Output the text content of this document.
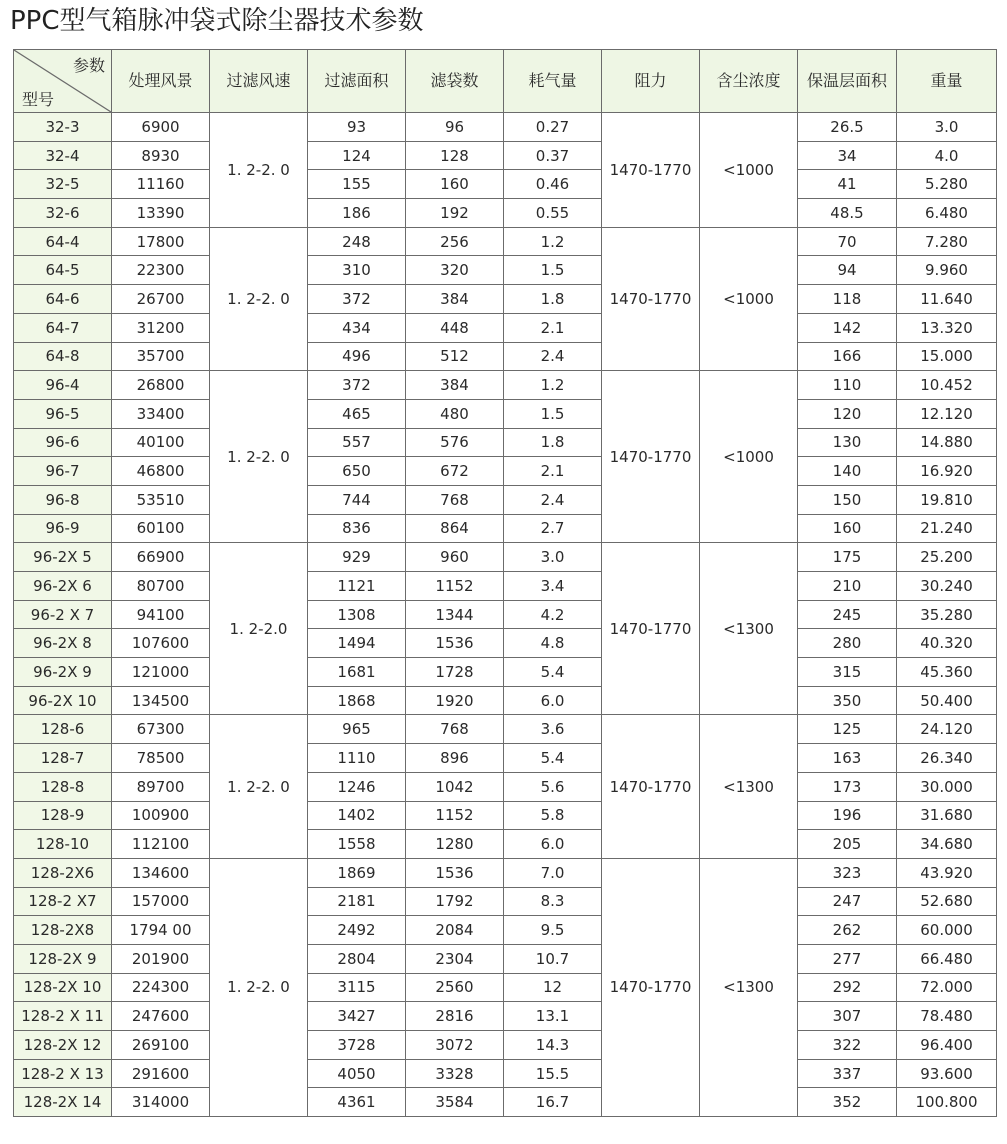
PPC型气箱脉冲袋式除尘器技术参数
参数
型号	处理风景	过滤风速	过滤面积	滤袋数	耗气量	阻力	含尘浓度	保温层面积	重量
32-3	6900	1. 2-2. 0	93	96	0.27	1470-1770	<1000	26.5	3.0
32-4	8930		124	128	0.37			34	4.0
32-5	11160		155	160	0.46			41	5.280
32-6	13390		186	192	0.55			48.5	6.480
64-4	17800	1. 2-2. 0	248	256	1.2	1470-1770	<1000	70	7.280
64-5	22300		310	320	1.5			94	9.960
64-6	26700		372	384	1.8			118	11.640
64-7	31200		434	448	2.1			142	13.320
64-8	35700		496	512	2.4			166	15.000
96-4	26800	1. 2-2. 0	372	384	1.2	1470-1770	<1000	110	10.452
96-5	33400		465	480	1.5			120	12.120
96-6	40100		557	576	1.8			130	14.880
96-7	46800		650	672	2.1			140	16.920
96-8	53510		744	768	2.4			150	19.810
96-9	60100		836	864	2.7			160	21.240
96-2X 5	66900	1. 2-2.0	929	960	3.0	1470-1770	<1300	175	25.200
96-2X 6	80700		1121	1152	3.4			210	30.240
96-2 X 7	94100		1308	1344	4.2			245	35.280
96-2X 8	107600		1494	1536	4.8			280	40.320
96-2X 9	121000		1681	1728	5.4			315	45.360
96-2X 10	134500		1868	1920	6.0			350	50.400
128-6	67300	1. 2-2. 0	965	768	3.6	1470-1770	<1300	125	24.120
128-7	78500		1110	896	5.4			163	26.340
128-8	89700		1246	1042	5.6			173	30.000
128-9	100900		1402	1152	5.8			196	31.680
128-10	112100		1558	1280	6.0			205	34.680
128-2X6	134600	1. 2-2. 0	1869	1536	7.0	1470-1770	<1300	323	43.920
128-2 X7	157000		2181	1792	8.3			247	52.680
128-2X8	1794 00		2492	2084	9.5			262	60.000
128-2X 9	201900		2804	2304	10.7			277	66.480
128-2X 10	224300		3115	2560	12			292	72.000
128-2 X 11	247600		3427	2816	13.1			307	78.480
128-2X 12	269100		3728	3072	14.3			322	96.400
128-2 X 13	291600		4050	3328	15.5			337	93.600
128-2X 14	314000		4361	3584	16.7			352	100.800
